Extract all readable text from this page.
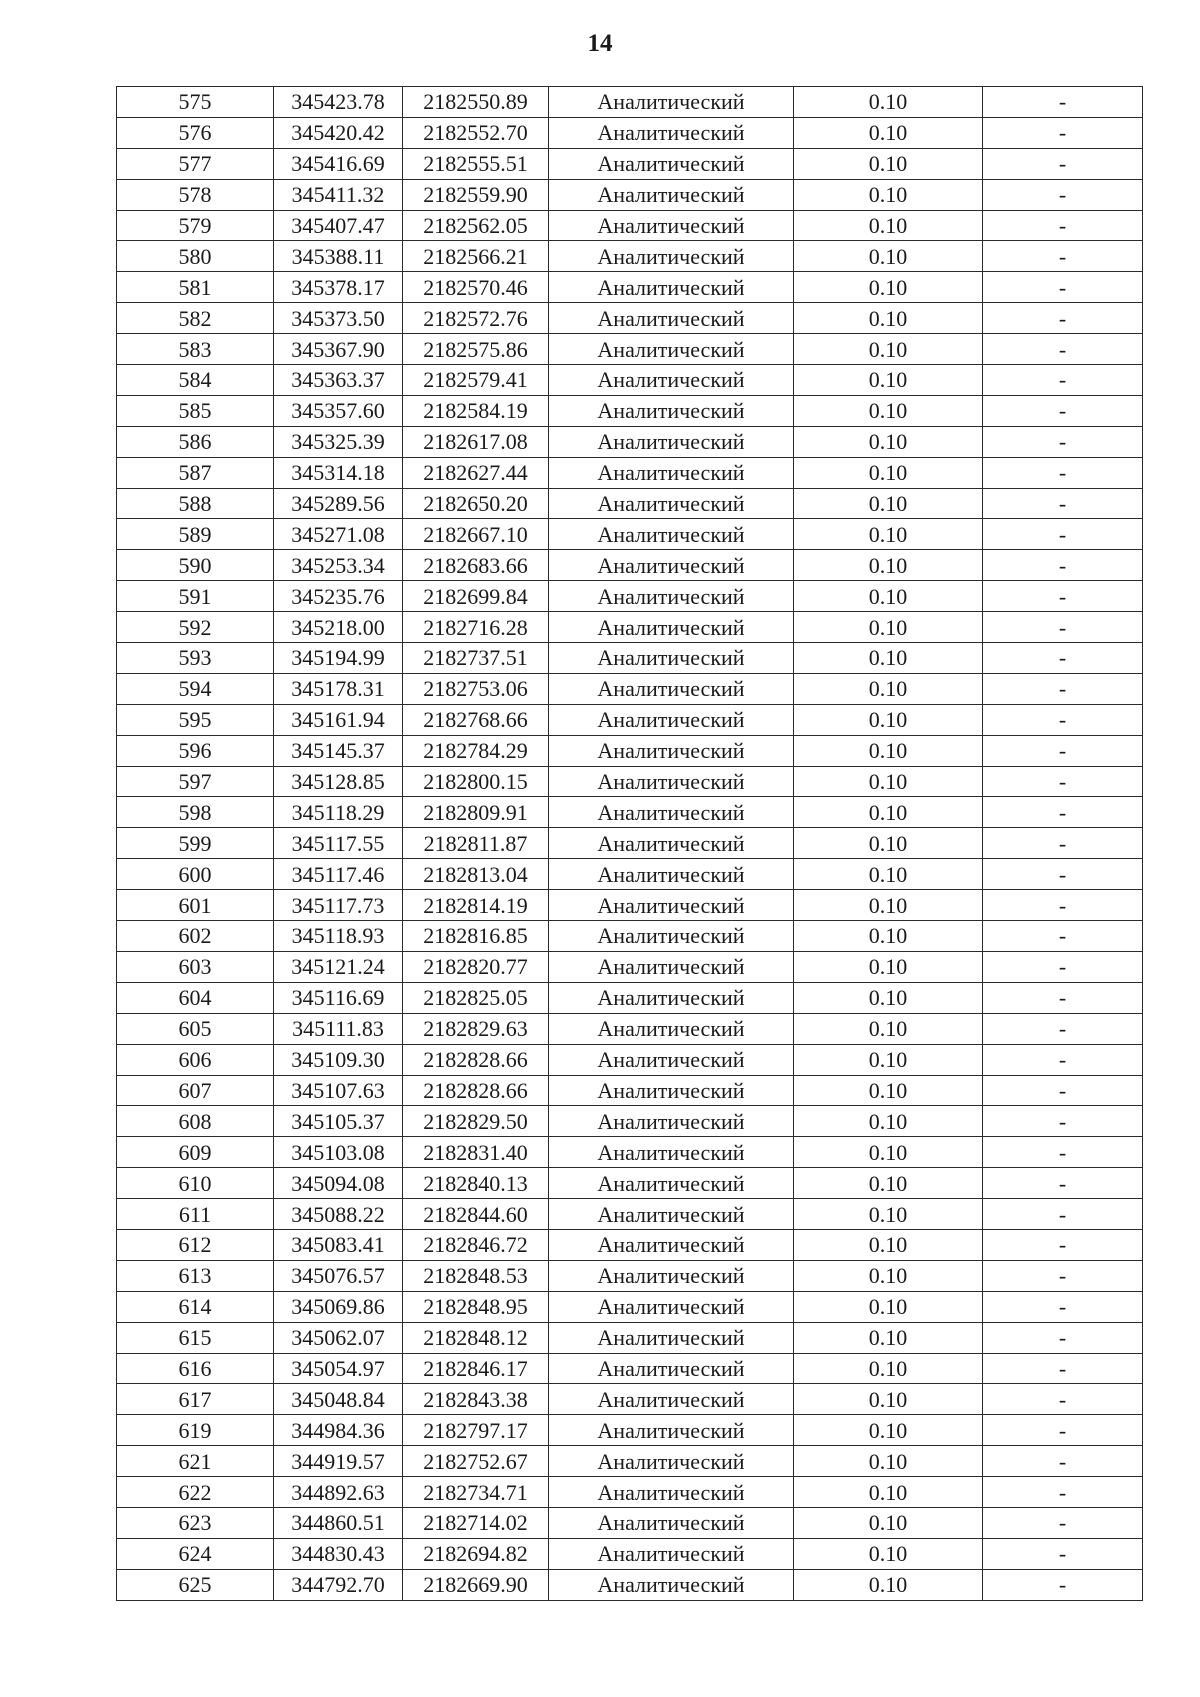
14
575	345423.78	2182550.89	Аналитический	0.10	-
576	345420.42	2182552.70	Аналитический	0.10	-
577	345416.69	2182555.51	Аналитический	0.10	-
578	345411.32	2182559.90	Аналитический	0.10	-
579	345407.47	2182562.05	Аналитический	0.10	-
580	345388.11	2182566.21	Аналитический	0.10	-
581	345378.17	2182570.46	Аналитический	0.10	-
582	345373.50	2182572.76	Аналитический	0.10	-
583	345367.90	2182575.86	Аналитический	0.10	-
584	345363.37	2182579.41	Аналитический	0.10	-
585	345357.60	2182584.19	Аналитический	0.10	-
586	345325.39	2182617.08	Аналитический	0.10	-
587	345314.18	2182627.44	Аналитический	0.10	-
588	345289.56	2182650.20	Аналитический	0.10	-
589	345271.08	2182667.10	Аналитический	0.10	-
590	345253.34	2182683.66	Аналитический	0.10	-
591	345235.76	2182699.84	Аналитический	0.10	-
592	345218.00	2182716.28	Аналитический	0.10	-
593	345194.99	2182737.51	Аналитический	0.10	-
594	345178.31	2182753.06	Аналитический	0.10	-
595	345161.94	2182768.66	Аналитический	0.10	-
596	345145.37	2182784.29	Аналитический	0.10	-
597	345128.85	2182800.15	Аналитический	0.10	-
598	345118.29	2182809.91	Аналитический	0.10	-
599	345117.55	2182811.87	Аналитический	0.10	-
600	345117.46	2182813.04	Аналитический	0.10	-
601	345117.73	2182814.19	Аналитический	0.10	-
602	345118.93	2182816.85	Аналитический	0.10	-
603	345121.24	2182820.77	Аналитический	0.10	-
604	345116.69	2182825.05	Аналитический	0.10	-
605	345111.83	2182829.63	Аналитический	0.10	-
606	345109.30	2182828.66	Аналитический	0.10	-
607	345107.63	2182828.66	Аналитический	0.10	-
608	345105.37	2182829.50	Аналитический	0.10	-
609	345103.08	2182831.40	Аналитический	0.10	-
610	345094.08	2182840.13	Аналитический	0.10	-
611	345088.22	2182844.60	Аналитический	0.10	-
612	345083.41	2182846.72	Аналитический	0.10	-
613	345076.57	2182848.53	Аналитический	0.10	-
614	345069.86	2182848.95	Аналитический	0.10	-
615	345062.07	2182848.12	Аналитический	0.10	-
616	345054.97	2182846.17	Аналитический	0.10	-
617	345048.84	2182843.38	Аналитический	0.10	-
619	344984.36	2182797.17	Аналитический	0.10	-
621	344919.57	2182752.67	Аналитический	0.10	-
622	344892.63	2182734.71	Аналитический	0.10	-
623	344860.51	2182714.02	Аналитический	0.10	-
624	344830.43	2182694.82	Аналитический	0.10	-
625	344792.70	2182669.90	Аналитический	0.10	-
